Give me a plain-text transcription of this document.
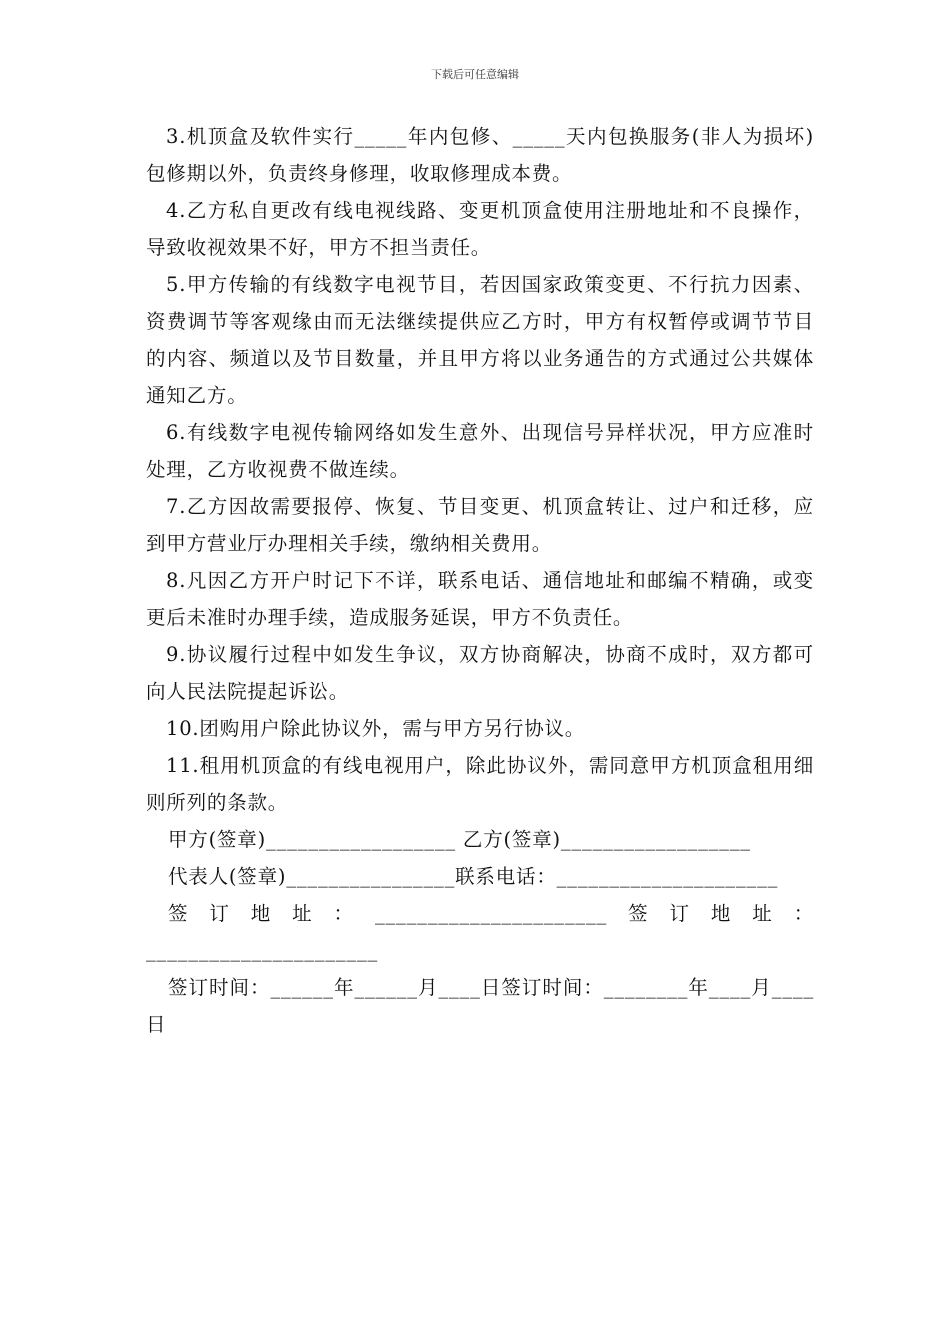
下载后可任意编辑

3.机顶盒及软件实行_____年内包修、_____天内包换服务(非人为损坏)包修期以外，负责终身修理，收取修理成本费。

4.乙方私自更改有线电视线路、变更机顶盒使用注册地址和不良操作，导致收视效果不好，甲方不担当责任。

5.甲方传输的有线数字电视节目，若因国家政策变更、不行抗力因素、资费调节等客观缘由而无法继续提供应乙方时，甲方有权暂停或调节节目的内容、频道以及节目数量，并且甲方将以业务通告的方式通过公共媒体通知乙方。

6.有线数字电视传输网络如发生意外、出现信号异样状况，甲方应准时处理，乙方收视费不做连续。

7.乙方因故需要报停、恢复、节目变更、机顶盒转让、过户和迁移，应到甲方营业厅办理相关手续，缴纳相关费用。

8.凡因乙方开户时记下不详，联系电话、通信地址和邮编不精确，或变更后未准时办理手续，造成服务延误，甲方不负责任。

9.协议履行过程中如发生争议，双方协商解决，协商不成时，双方都可向人民法院提起诉讼。

10.团购用户除此协议外，需与甲方另行协议。

11.租用机顶盒的有线电视用户，除此协议外，需同意甲方机顶盒租用细则所列的条款。

甲方(签章)__________________ 乙方(签章)__________________

代表人(签章)________________联系电话：_____________________

签订地址：______________________签订地址：______________________

签订时间：______年______月____日签订时间：________年____月____日
